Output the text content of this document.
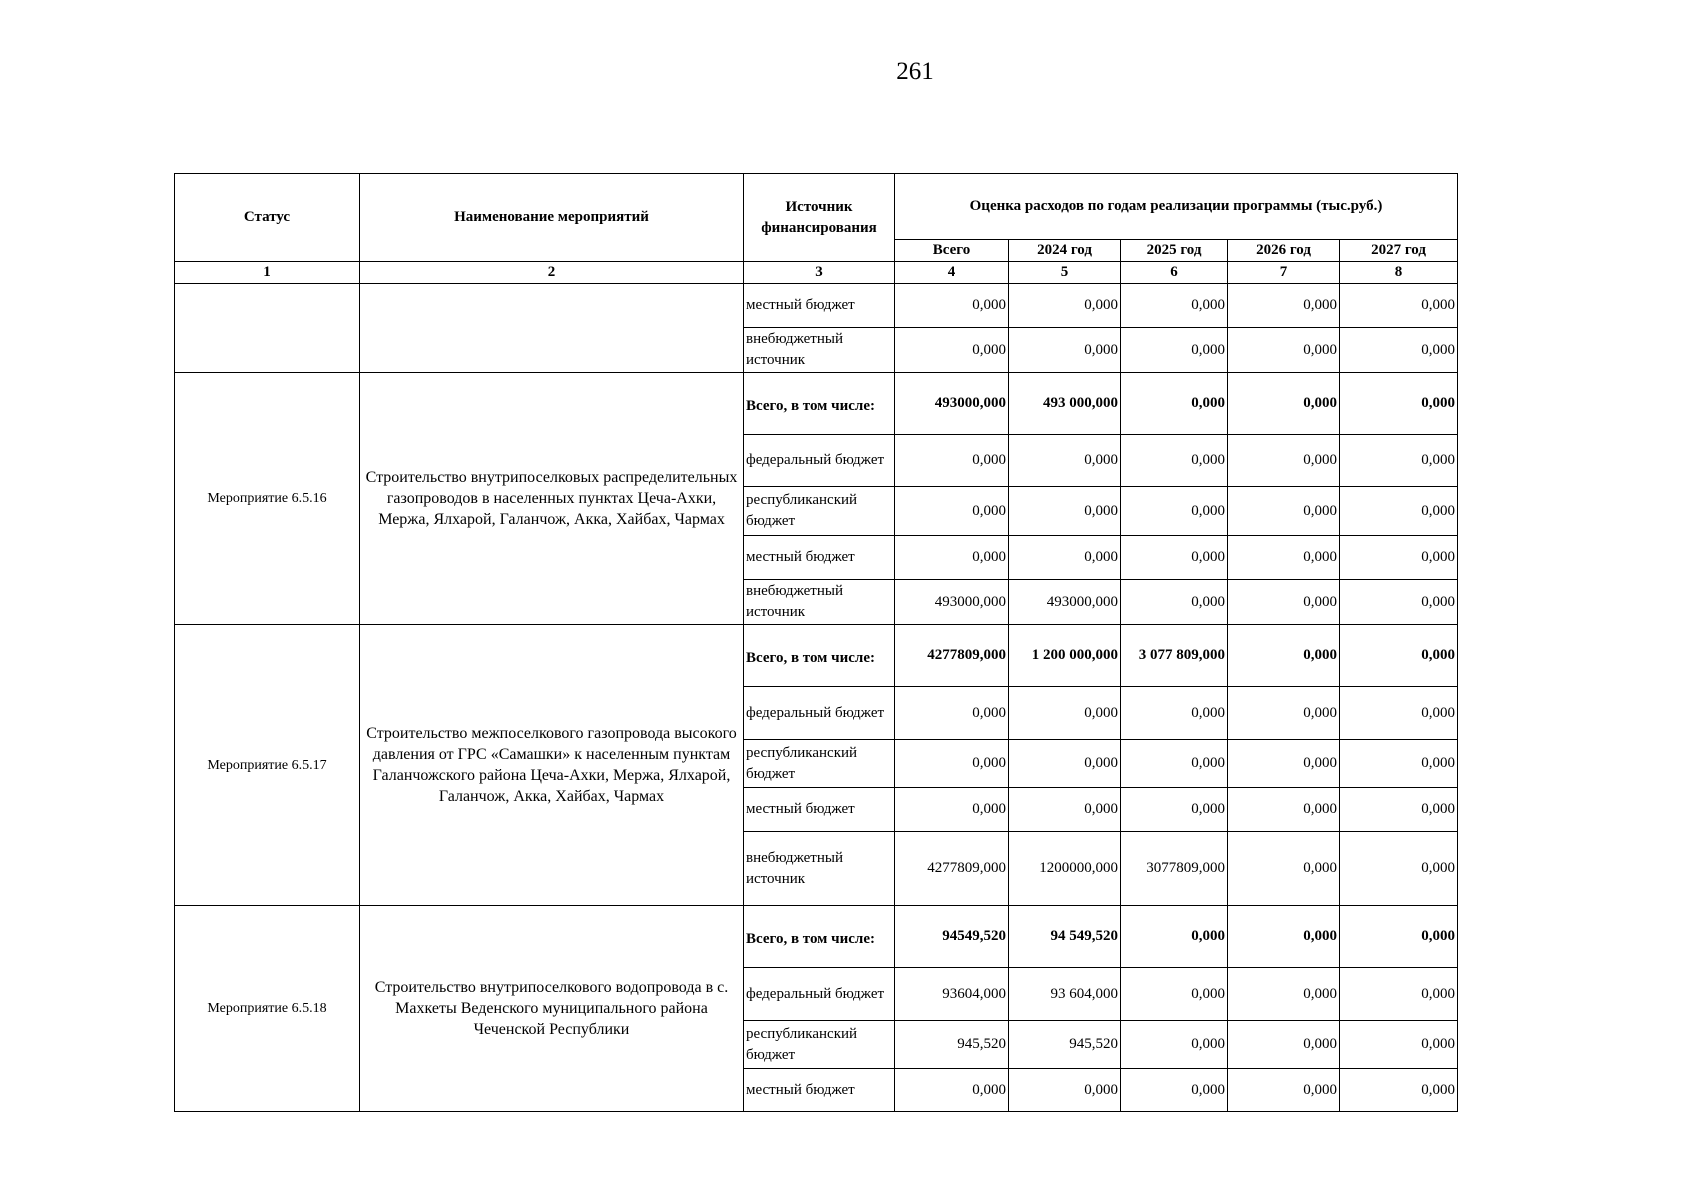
261
Статус	Наименование мероприятий	Источник финансирования	Оценка расходов по годам реализации программы (тыс.руб.)				
			Всего	2024 год	2025 год	2026 год	2027 год
1	2	3	4	5	6	7	8
		местный бюджет	0,000	0,000	0,000	0,000	0,000
		внебюджетный источник	0,000	0,000	0,000	0,000	0,000
Мероприятие 6.5.16	Строительство внутрипоселковых распределительных газопроводов в населенных пунктах Цеча-Ахки, Мержа, Ялхарой, Галанчож, Акка, Хайбах, Чармах	Всего, в том числе:	493000,000	493 000,000	0,000	0,000	0,000
		федеральный бюджет	0,000	0,000	0,000	0,000	0,000
		республиканский бюджет	0,000	0,000	0,000	0,000	0,000
		местный бюджет	0,000	0,000	0,000	0,000	0,000
		внебюджетный источник	493000,000	493000,000	0,000	0,000	0,000
Мероприятие 6.5.17	Строительство межпоселкового газопровода высокого давления от ГРС «Самашки» к населенным пунктам Галанчожского района Цеча-Ахки, Мержа, Ялхарой, Галанчож, Акка, Хайбах, Чармах	Всего, в том числе:	4277809,000	1 200 000,000	3 077 809,000	0,000	0,000
		федеральный бюджет	0,000	0,000	0,000	0,000	0,000
		республиканский бюджет	0,000	0,000	0,000	0,000	0,000
		местный бюджет	0,000	0,000	0,000	0,000	0,000
		внебюджетный источник	4277809,000	1200000,000	3077809,000	0,000	0,000
Мероприятие 6.5.18	Строительство внутрипоселкового водопровода в с. Махкеты Веденского муниципального района Чеченской Республики	Всего, в том числе:	94549,520	94 549,520	0,000	0,000	0,000
		федеральный бюджет	93604,000	93 604,000	0,000	0,000	0,000
		республиканский бюджет	945,520	945,520	0,000	0,000	0,000
		местный бюджет	0,000	0,000	0,000	0,000	0,000
